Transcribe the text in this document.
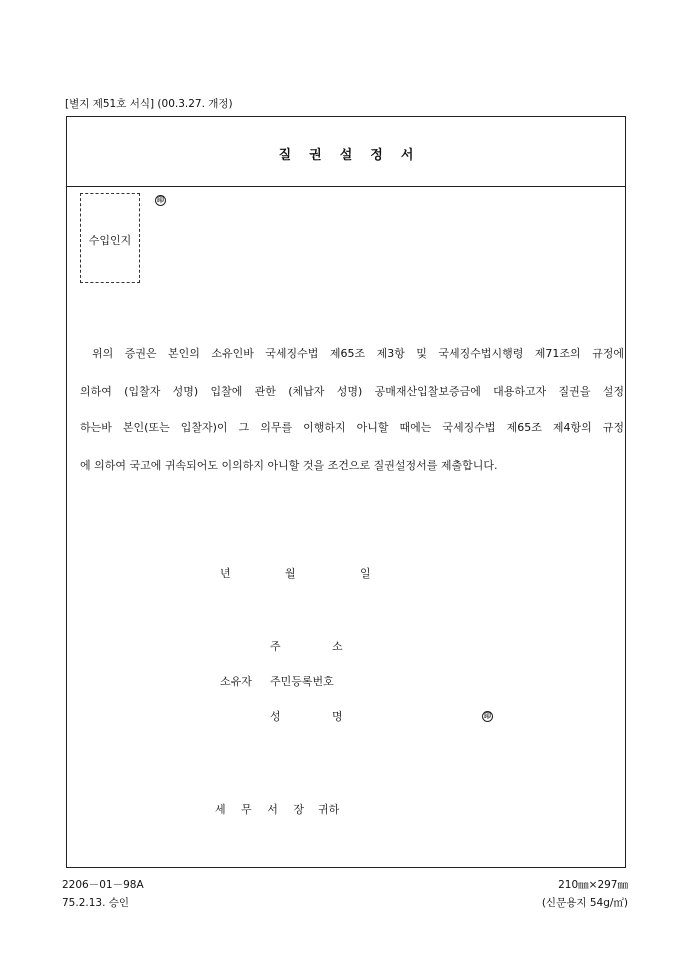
[별지 제51호 서식] (00.3.27. 개정)
질권설정서
수입인지
印
위의 증권은 본인의 소유인바 국세징수법 제65조 제3항 및 국세징수법시행령 제71조의 규정에
의하여 (입찰자 성명) 입찰에 관한 (체납자 성명) 공매재산입찰보증금에 대용하고자 질권을 설정
하는바 본인(또는 입찰자)이 그 의무를 이행하지 아니할 때에는 국세징수법 제65조 제4항의 규정
에 의하여 국고에 귀속되어도 이의하지 아니할 것을 조건으로 질권설정서를 제출합니다.
년	월	일
주	소
소유자 주민등록번호
성	명	印
세 무 서 장 귀하
2206－01－98A
75.2.13. 승인
210㎜×297㎜
(신문용지 54g/㎡)
